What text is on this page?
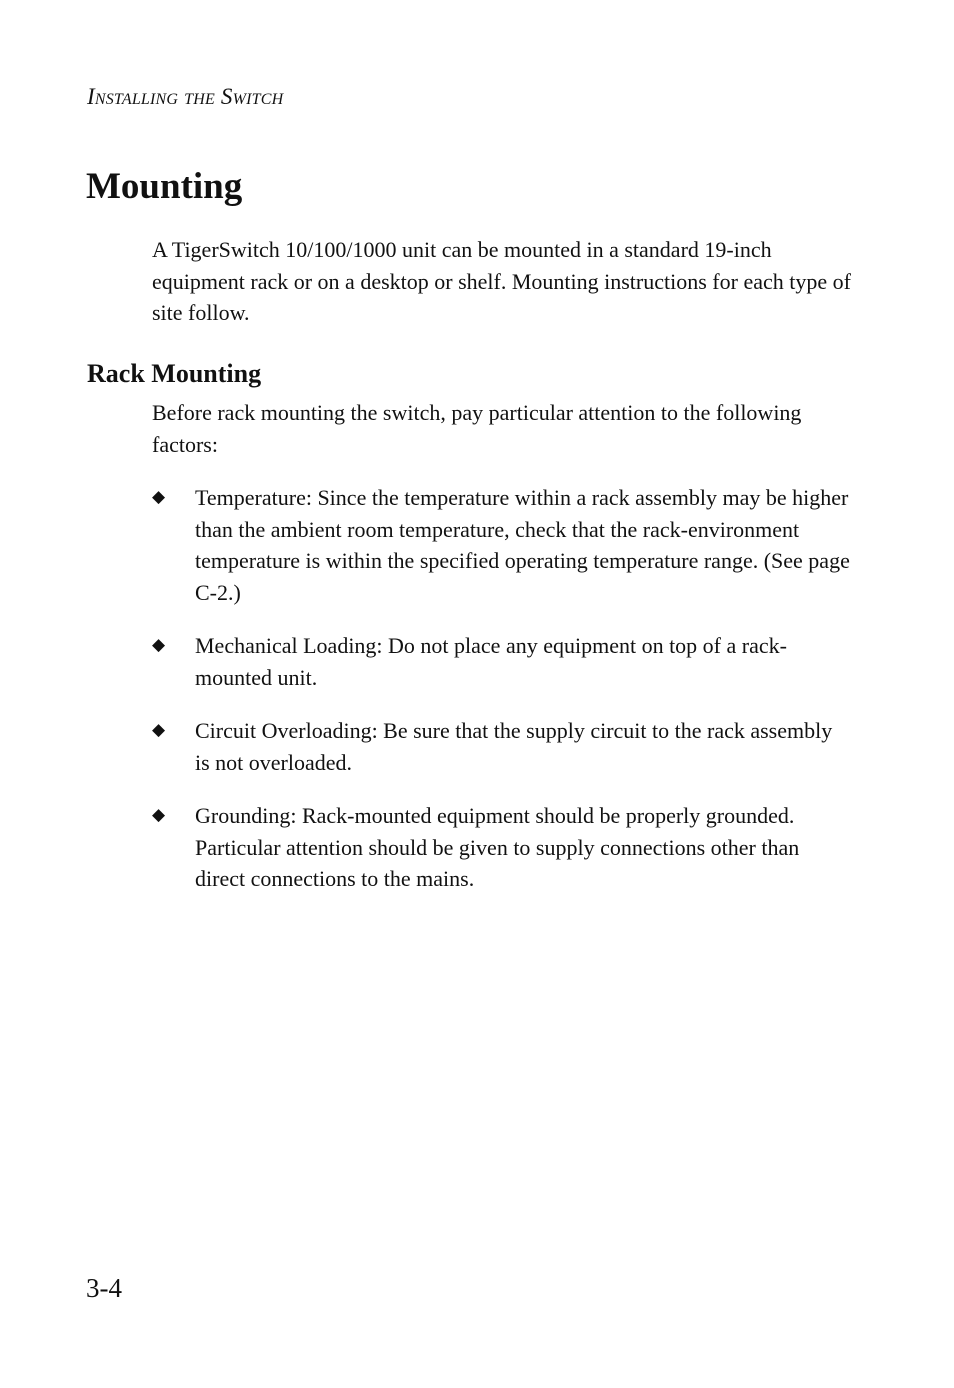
Installing the Switch
Mounting

A TigerSwitch 10/100/1000 unit can be mounted in a standard 19-inch equipment rack or on a desktop or shelf. Mounting instructions for each type of site follow.

Rack Mounting

Before rack mounting the switch, pay particular attention to the following factors:

◆ Temperature: Since the temperature within a rack assembly may be higher than the ambient room temperature, check that the rack-environment temperature is within the specified operating temperature range. (See page C-2.)
◆ Mechanical Loading: Do not place any equipment on top of a rack-mounted unit.
◆ Circuit Overloading: Be sure that the supply circuit to the rack assembly is not overloaded.
◆ Grounding: Rack-mounted equipment should be properly grounded. Particular attention should be given to supply connections other than direct connections to the mains.
3-4
